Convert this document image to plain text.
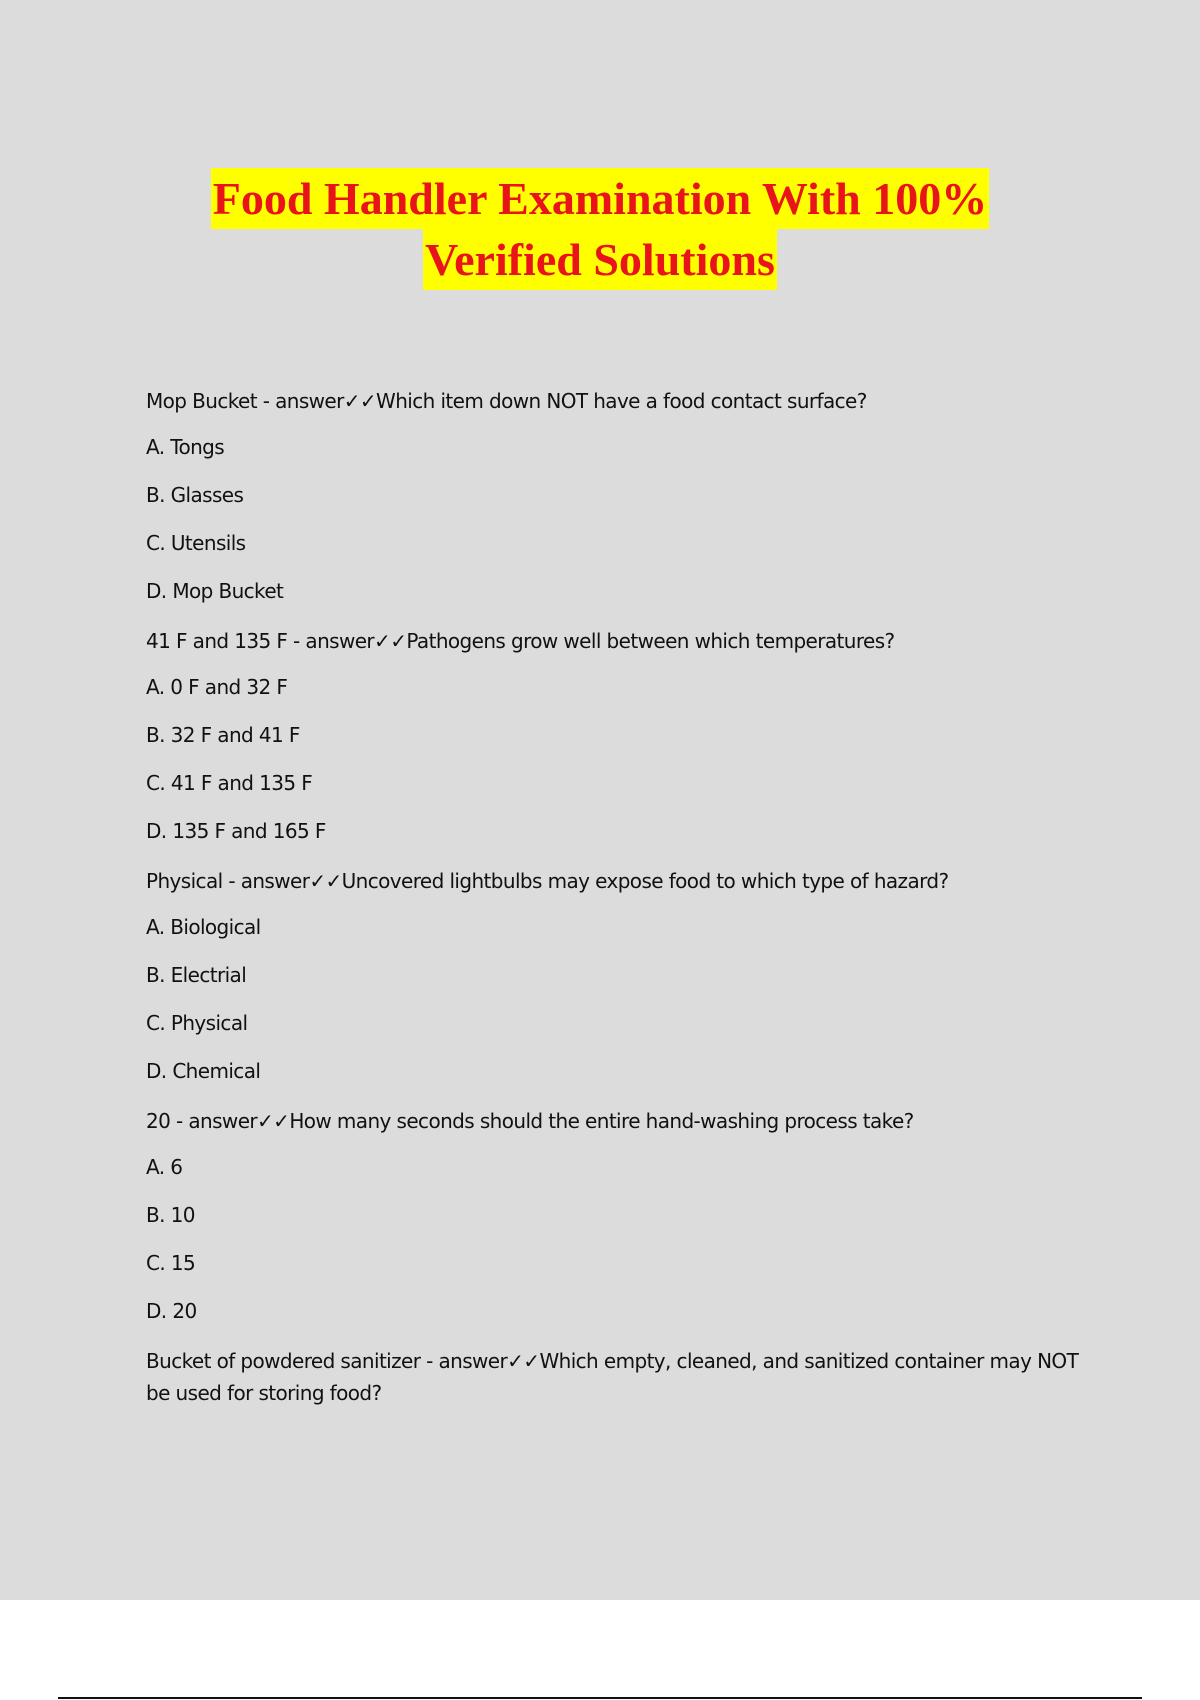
Food Handler Examination With 100%
Verified Solutions

Mop Bucket - answer✓✓Which item down NOT have a food contact surface?

A. Tongs

B. Glasses

C. Utensils

D. Mop Bucket

41 F and 135 F - answer✓✓Pathogens grow well between which temperatures?

A. 0 F and 32 F

B. 32 F and 41 F

C. 41 F and 135 F

D. 135 F and 165 F

Physical - answer✓✓Uncovered lightbulbs may expose food to which type of hazard?

A. Biological

B. Electrial

C. Physical

D. Chemical

20 - answer✓✓How many seconds should the entire hand-washing process take?

A. 6

B. 10

C. 15

D. 20

Bucket of powdered sanitizer - answer✓✓Which empty, cleaned, and sanitized container may NOT be used for storing food?
